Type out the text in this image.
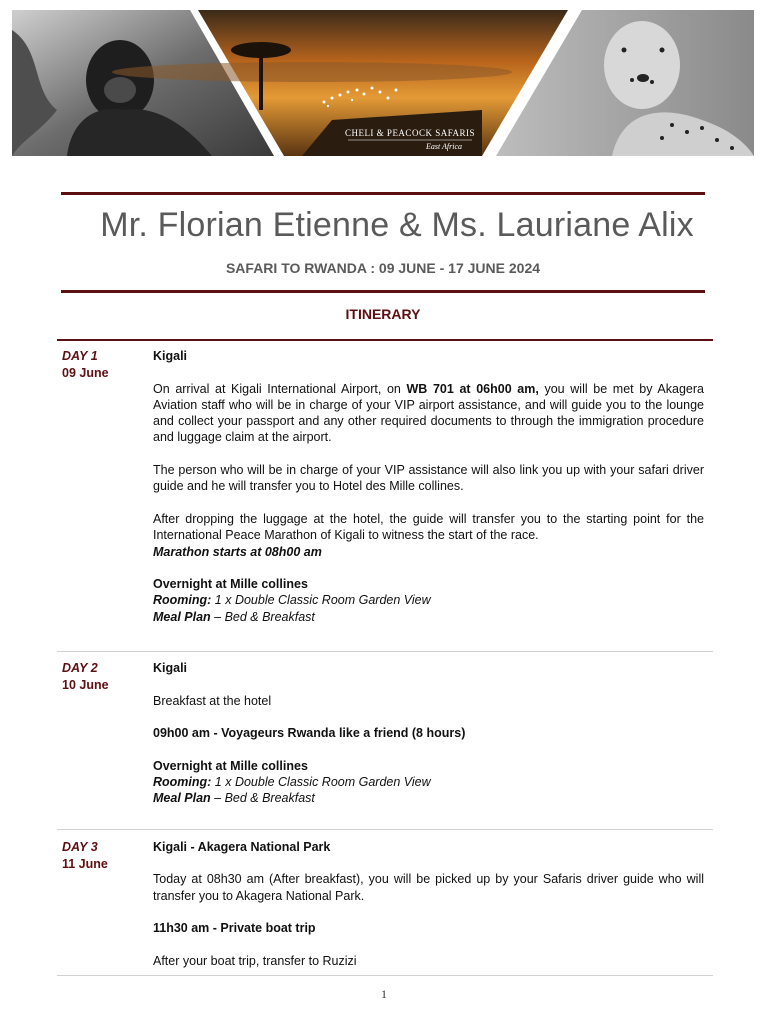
CHELI & PEACOCK SAFARIS
East Africa
Mr. Florian Etienne & Ms. Lauriane Alix
SAFARI TO RWANDA : 09 JUNE - 17 JUNE 2024
ITINERARY
DAY 1
09 June

Kigali

On arrival at Kigali International Airport, on WB 701 at 06h00 am, you will be met by Akagera Aviation staff who will be in charge of your VIP airport assistance, and will guide you to the lounge and collect your passport and any other required documents to through the immigration procedure and luggage claim at the airport.

The person who will be in charge of your VIP assistance will also link you up with your safari driver guide and he will transfer you to Hotel des Mille collines.

After dropping the luggage at the hotel, the guide will transfer you to the starting point for the International Peace Marathon of Kigali to witness the start of the race.
Marathon starts at 08h00 am

Overnight at Mille collines
Rooming: 1 x Double Classic Room Garden View
Meal Plan – Bed & Breakfast

DAY 2
10 June

Kigali

Breakfast at the hotel

09h00 am - Voyageurs Rwanda like a friend (8 hours)

Overnight at Mille collines
Rooming: 1 x Double Classic Room Garden View
Meal Plan – Bed & Breakfast

DAY 3
11 June

Kigali - Akagera National Park

Today at 08h30 am (After breakfast), you will be picked up by your Safaris driver guide who will transfer you to Akagera National Park.

11h30 am - Private boat trip

After your boat trip, transfer to Ruzizi

1
